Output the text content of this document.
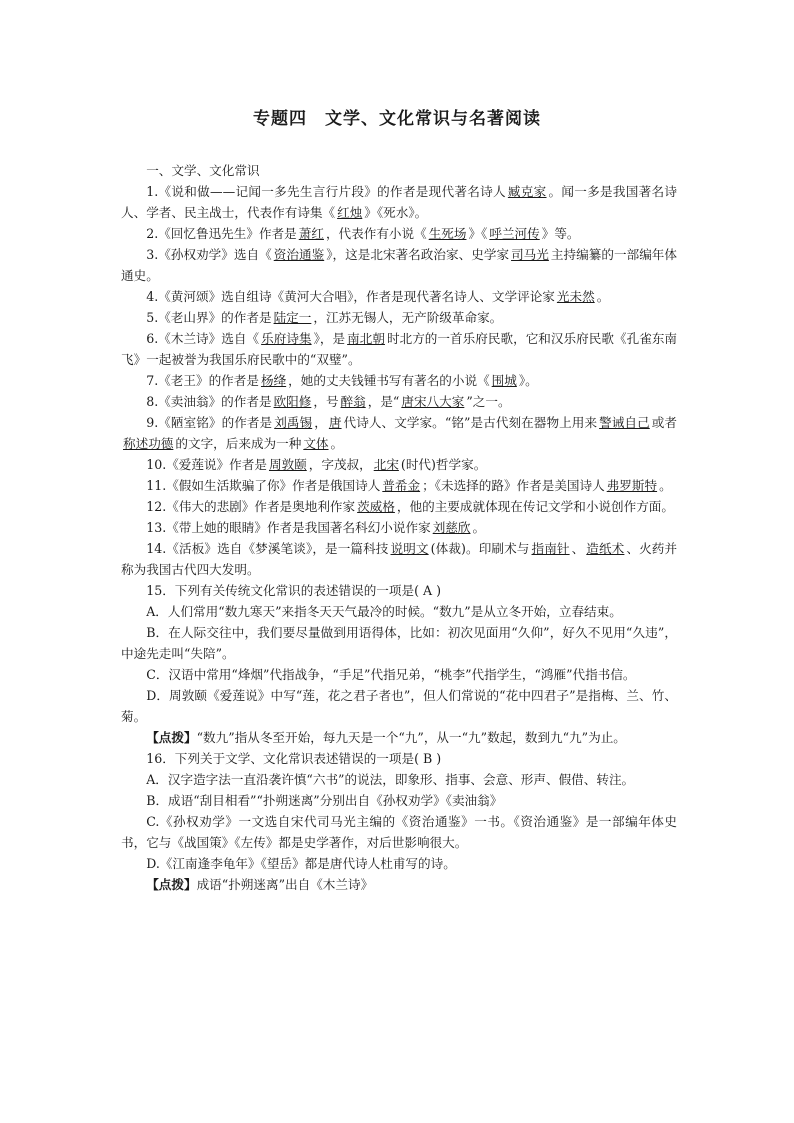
专题四　文学、文化常识与名著阅读

一、文学、文化常识

1.《说和做——记闻一多先生言行片段》的作者是现代著名诗人 臧克家 。闻一多是我国著名诗人、学者、民主战士，代表作有诗集《 红烛 》《死水》。

2.《回忆鲁迅先生》作者是 萧红 ，代表作有小说《 生死场 》《 呼兰河传 》等。

3.《孙权劝学》选自《 资治通鉴 》，这是北宋著名政治家、史学家 司马光 主持编纂的一部编年体通史。

4.《黄河颂》选自组诗《黄河大合唱》，作者是现代著名诗人、文学评论家 光未然 。

5.《老山界》的作者是 陆定一 ，江苏无锡人，无产阶级革命家。

6.《木兰诗》选自《 乐府诗集 》，是 南北朝 时北方的一首乐府民歌，它和汉乐府民歌《孔雀东南飞》一起被誉为我国乐府民歌中的“双璧”。

7.《老王》的作者是 杨绛 ，她的丈夫钱锺书写有著名的小说《 围城 》。

8.《卖油翁》的作者是 欧阳修 ，号 醉翁 ，是“ 唐宋八大家 ”之一。

9.《陋室铭》的作者是 刘禹锡 ， 唐 代诗人、文学家。“铭”是古代刻在器物上用来 警诫自己 或者称述功德 的文字，后来成为一种 文体 。

10.《爱莲说》作者是 周敦颐 ，字茂叔， 北宋 (时代)哲学家。

11.《假如生活欺骗了你》作者是俄国诗人 普希金 ；《未选择的路》作者是美国诗人 弗罗斯特 。

12.《伟大的悲剧》作者是奥地利作家 茨威格 ，他的主要成就体现在传记文学和小说创作方面。

13.《带上她的眼睛》作者是我国著名科幻小说作家 刘慈欣 。

14.《活板》选自《梦溪笔谈》，是一篇科技 说明文 (体裁)。印刷术与 指南针 、 造纸术 、火药并称为我国古代四大发明。

15．下列有关传统文化常识的表述错误的一项是( A )

A．人们常用“数九寒天”来指冬天天气最冷的时候。“数九”是从立冬开始，立春结束。

B．在人际交往中，我们要尽量做到用语得体，比如：初次见面用“久仰”，好久不见用“久违”，中途先走叫“失陪”。

C．汉语中常用“烽烟”代指战争，“手足”代指兄弟，“桃李”代指学生，“鸿雁”代指书信。

D．周敦颐《爱莲说》中写“莲，花之君子者也”，但人们常说的“花中四君子”是指梅、兰、竹、菊。

【点拨】“数九”指从冬至开始，每九天是一个“九”，从一“九”数起，数到九“九”为止。

16．下列关于文学、文化常识表述错误的一项是( B )

A．汉字造字法一直沿袭许慎“六书”的说法，即象形、指事、会意、形声、假借、转注。

B．成语“刮目相看”“扑朔迷离”分别出自《孙权劝学》《卖油翁》

C.《孙权劝学》一文选自宋代司马光主编的《资治通鉴》一书。《资治通鉴》是一部编年体史书，它与《战国策》《左传》都是史学著作，对后世影响很大。

D.《江南逢李龟年》《望岳》都是唐代诗人杜甫写的诗。

【点拨】成语“扑朔迷离”出自《木兰诗》
